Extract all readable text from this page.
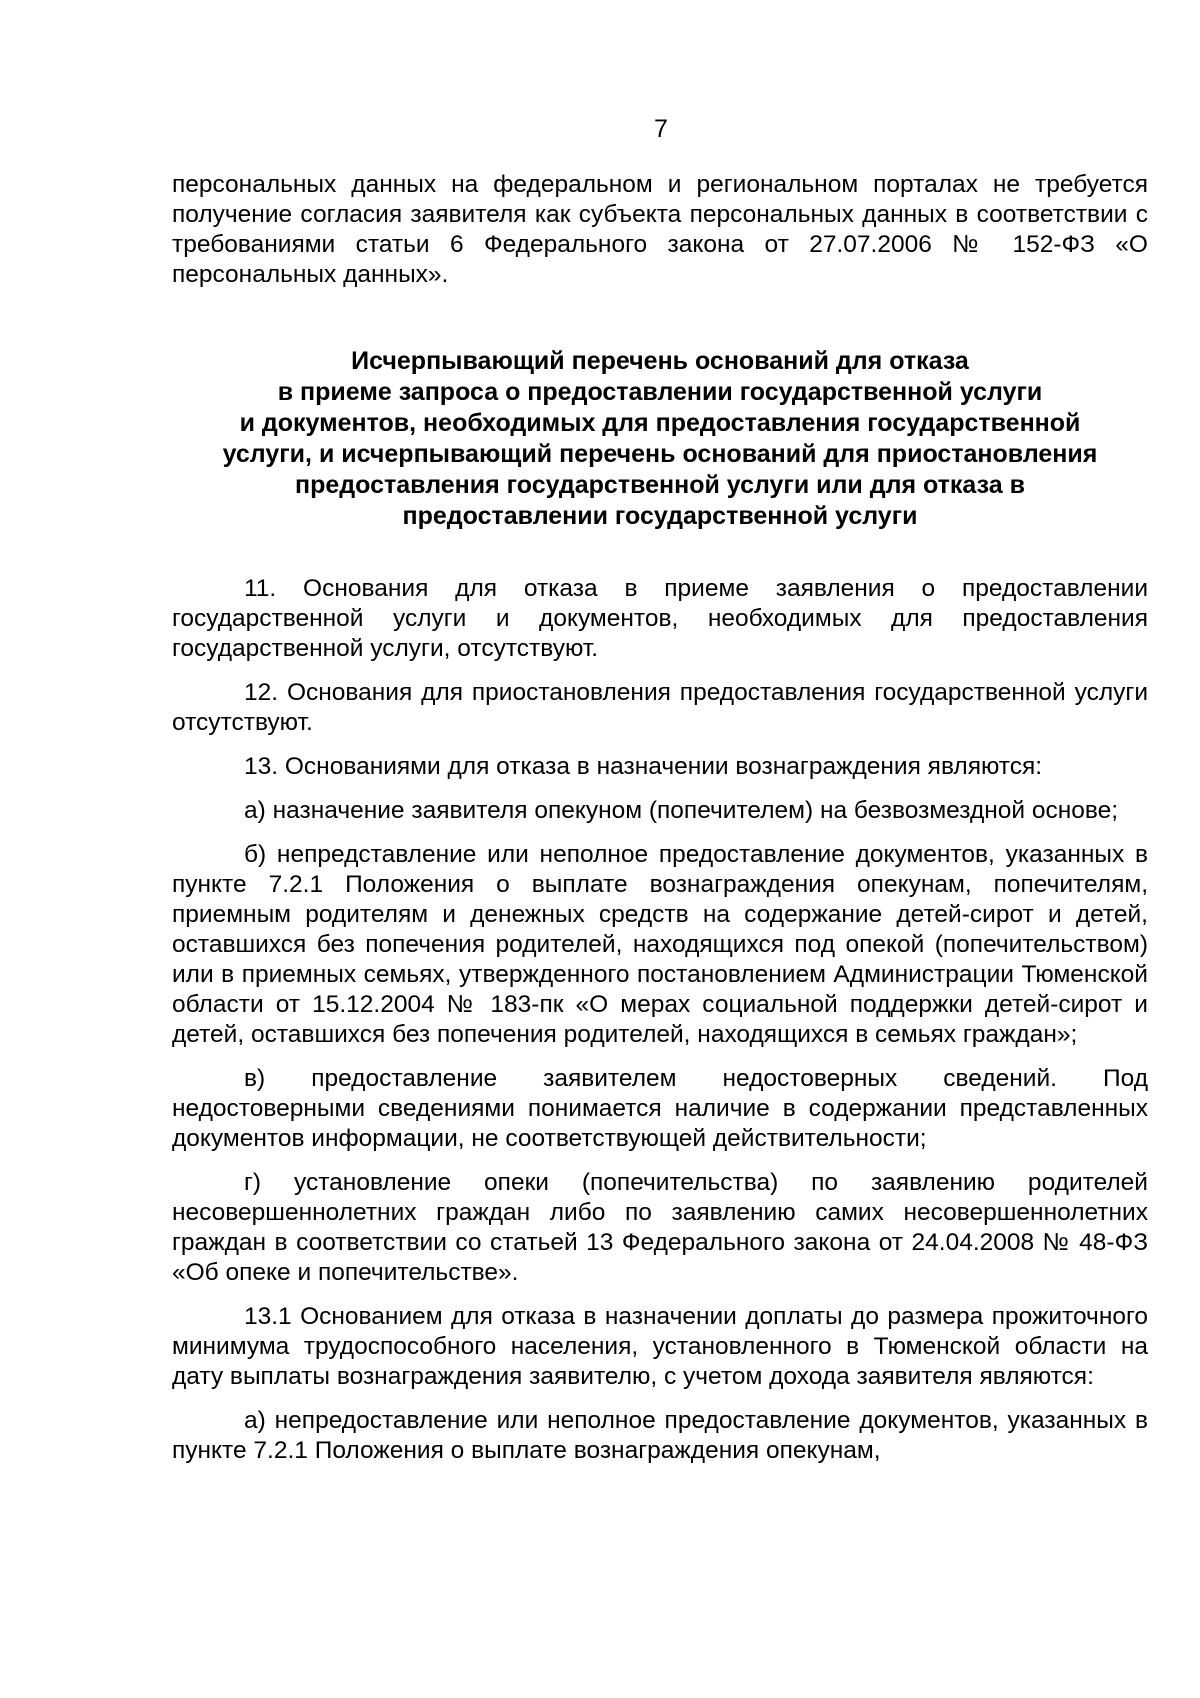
7

персональных данных на федеральном и региональном порталах не требуется получение согласия заявителя как субъекта персональных данных в соответствии с требованиями статьи 6 Федерального закона от 27.07.2006 № 152-ФЗ «О персональных данных».

Исчерпывающий перечень оснований для отказа
в приеме запроса о предоставлении государственной услуги
и документов, необходимых для предоставления государственной
услуги, и исчерпывающий перечень оснований для приостановления
предоставления государственной услуги или для отказа в
предоставлении государственной услуги

11. Основания для отказа в приеме заявления о предоставлении государственной услуги и документов, необходимых для предоставления государственной услуги, отсутствуют.

12. Основания для приостановления предоставления государственной услуги отсутствуют.

13. Основаниями для отказа в назначении вознаграждения являются:

а) назначение заявителя опекуном (попечителем) на безвозмездной основе;

б) непредставление или неполное предоставление документов, указанных в пункте 7.2.1 Положения о выплате вознаграждения опекунам, попечителям, приемным родителям и денежных средств на содержание детей-сирот и детей, оставшихся без попечения родителей, находящихся под опекой (попечительством) или в приемных семьях, утвержденного постановлением Администрации Тюменской области от 15.12.2004 № 183-пк «О мерах социальной поддержки детей-сирот и детей, оставшихся без попечения родителей, находящихся в семьях граждан»;

в) предоставление заявителем недостоверных сведений. Под недостоверными сведениями понимается наличие в содержании представленных документов информации, не соответствующей действительности;

г) установление опеки (попечительства) по заявлению родителей несовершеннолетних граждан либо по заявлению самих несовершеннолетних граждан в соответствии со статьей 13 Федерального закона от 24.04.2008 № 48-ФЗ «Об опеке и попечительстве».

13.1 Основанием для отказа в назначении доплаты до размера прожиточного минимума трудоспособного населения, установленного в Тюменской области на дату выплаты вознаграждения заявителю, с учетом дохода заявителя являются:

а) непредоставление или неполное предоставление документов, указанных в пункте 7.2.1 Положения о выплате вознаграждения опекунам,
